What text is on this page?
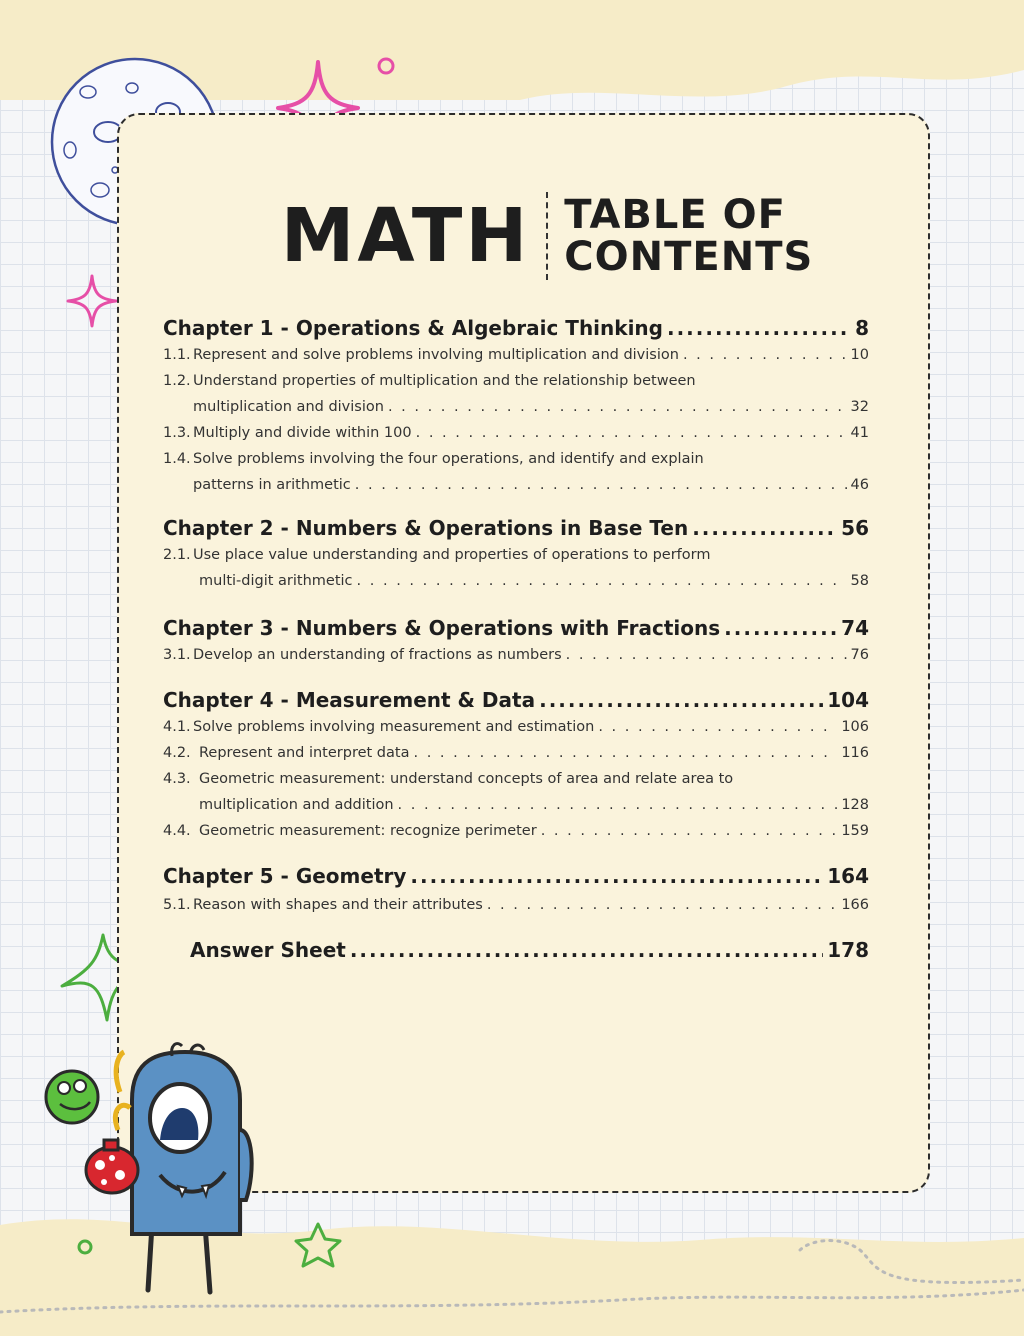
MATH TABLE OF
CONTENTS
Chapter 1 - Operations & Algebraic Thinking .....	8
1.1. Represent and solve problems involving multiplication and division . . .	10
1.2. Understand properties of multiplication and the relationship between
multiplication and division . . .	32
1.3. Multiply and divide within 100 . . .	41
1.4. Solve problems involving the four operations, and identify and explain
patterns in arithmetic . . .	46
Chapter 2 - Numbers & Operations in Base Ten .....	56
2.1. Use place value understanding and properties of operations to perform
multi-digit arithmetic . . .	58
Chapter 3 - Numbers & Operations with Fractions .....	74
3.1. Develop an understanding of fractions as numbers . . .	76
Chapter 4 - Measurement & Data .....	104
4.1. Solve problems involving measurement and estimation . . .	106
4.2. Represent and interpret data . . .	116
4.3. Geometric measurement: understand concepts of area and relate area to
multiplication and addition . . .	128
4.4. Geometric measurement: recognize perimeter . . .	159
Chapter 5 - Geometry .....	164
5.1. Reason with shapes and their attributes . . .	166
Answer Sheet .....	178
